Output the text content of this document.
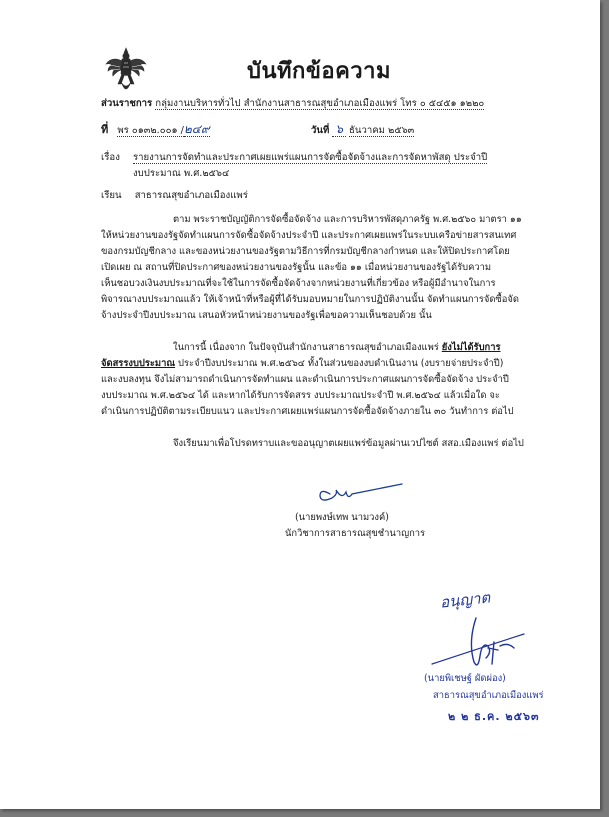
บันทึกข้อความ
ส่วนราชการ กลุ่มงานบริหารทั่วไป สำนักงานสาธารณสุขอำเภอเมืองแพร่ โทร ๐ ๕๔๕๑ ๑๒๒๐
ที่ พร ๐๑๓๒.๐๐๑ /๒๔๙	วันที่ ๖ ธันวาคม ๒๕๖๓
เรื่อง รายงานการจัดทำและประกาศเผยแพร่แผนการจัดซื้อจัดจ้างและการจัดหาพัสดุ ประจำปี
งบประมาณ พ.ศ.๒๕๖๔
เรียน สาธารณสุขอำเภอเมืองแพร่
ตาม พระราชบัญญัติการจัดซื้อจัดจ้าง และการบริหารพัสดุภาครัฐ พ.ศ.๒๕๖๐ มาตรา ๑๑
ให้หน่วยงานของรัฐจัดทำแผนการจัดซื้อจัดจ้างประจำปี และประกาศเผยแพร่ในระบบเครือข่ายสารสนเทศ
ของกรมบัญชีกลาง และของหน่วยงานของรัฐตามวิธีการที่กรมบัญชีกลางกำหนด และให้ปิดประกาศโดย
เปิดเผย ณ สถานที่ปิดประกาศของหน่วยงานของรัฐนั้น และข้อ ๑๑ เมื่อหน่วยงานของรัฐได้รับความ
เห็นชอบวงเงินงบประมาณที่จะใช้ในการจัดซื้อจัดจ้างจากหน่วยงานที่เกี่ยวข้อง หรือผู้มีอำนาจในการ
พิจารณางบประมาณแล้ว ให้เจ้าหน้าที่หรือผู้ที่ได้รับมอบหมายในการปฏิบัติงานนั้น จัดทำแผนการจัดซื้อจัด
จ้างประจำปีงบประมาณ เสนอหัวหน้าหน่วยงานของรัฐเพื่อขอความเห็นชอบด้วย นั้น
ในการนี้ เนื่องจาก ในปัจจุบันสำนักงานสาธารณสุขอำเภอเมืองแพร่ ยังไม่ได้รับการ
จัดสรรงบประมาณ ประจำปีงบประมาณ พ.ศ.๒๕๖๔ ทั้งในส่วนของงบดำเนินงาน (งบรายจ่ายประจำปี)
และงบลงทุน จึงไม่สามารถดำเนินการจัดทำแผน และดำเนินการประกาศแผนการจัดซื้อจัดจ้าง ประจำปี
งบประมาณ พ.ศ.๒๕๖๔ ได้ และหากได้รับการจัดสรร งบประมาณประจำปี พ.ศ.๒๕๖๔ แล้วเมื่อใด จะ
ดำเนินการปฏิบัติตามระเบียบแนว และประกาศเผยแพร่แผนการจัดซื้อจัดจ้างภายใน ๓๐ วันทำการ ต่อไป
จึงเรียนมาเพื่อโปรดทราบและขออนุญาตเผยแพร่ข้อมูลผ่านเวปไซต์ สสอ.เมืองแพร่ ต่อไป
(นายพงษ์เทพ นามวงค์)
นักวิชาการสาธารณสุขชำนาญการ
อนุญาต
(นายพิเชษฐ์ ผัดผ่อง)
สาธารณสุขอำเภอเมืองแพร่
๒ ๒ ธ.ค. ๒๕๖๓
